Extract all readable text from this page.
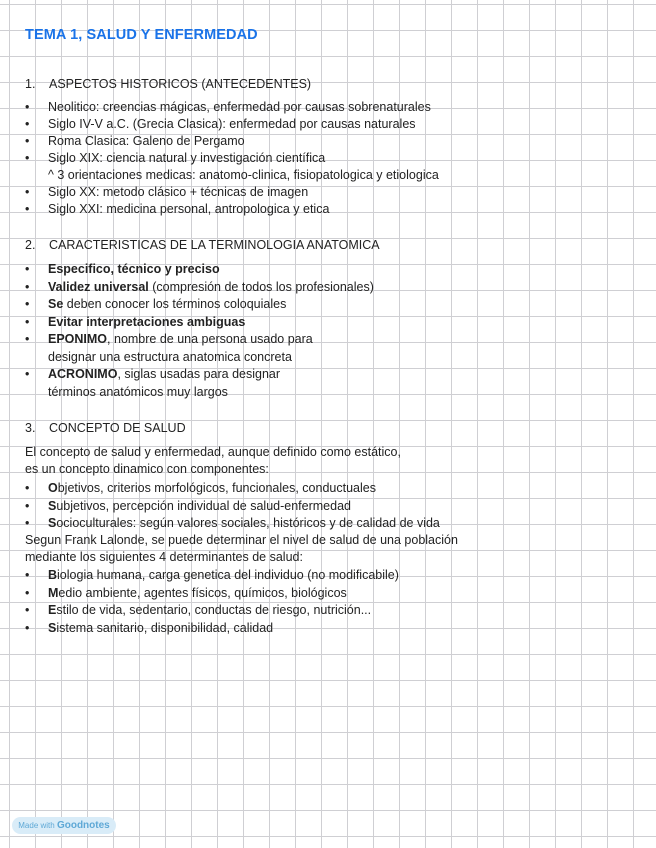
TEMA 1, SALUD Y ENFERMEDAD
1. ASPECTOS HISTORICOS (ANTECEDENTES)
• Neolitico: creencias mágicas, enfermedad por causas sobrenaturales
• Siglo IV-V a.C. (Grecia Clasica): enfermedad por causas naturales
• Roma Clasica: Galeno de Pergamo
• Siglo XIX: ciencia natural y investigación científica
^ 3 orientaciones medicas: anatomo-clinica, fisiopatologica y etiologica
• Siglo XX: metodo clásico + técnicas de imagen
• Siglo XXI: medicina personal, antropologica y etica
2. CARACTERISTICAS DE LA TERMINOLOGIA ANATOMICA
• Especifico, técnico y preciso
• Validez universal (compresión de todos los profesionales)
• Se deben conocer los términos coloquiales
• Evitar interpretaciones ambiguas
• EPONIMO, nombre de una persona usado para
designar una estructura anatomica concreta
• ACRONIMO, siglas usadas para designar
términos anatómicos muy largos
3. CONCEPTO DE SALUD
El concepto de salud y enfermedad, aunque definido como estático,
es un concepto dinamico con componentes:
• Objetivos, criterios morfológicos, funcionales, conductuales
• Subjetivos, percepción individual de salud-enfermedad
• Socioculturales: según valores sociales, históricos y de calidad de vida
Segun Frank Lalonde, se puede determinar el nivel de salud de una población
mediante los siguientes 4 determinantes de salud:
• Biologia humana, carga genetica del individuo (no modificabile)
• Medio ambiente, agentes físicos, químicos, biológicos
• Estilo de vida, sedentario, conductas de riesgo, nutrición...
• Sistema sanitario, disponibilidad, calidad
Made with Goodnotes
